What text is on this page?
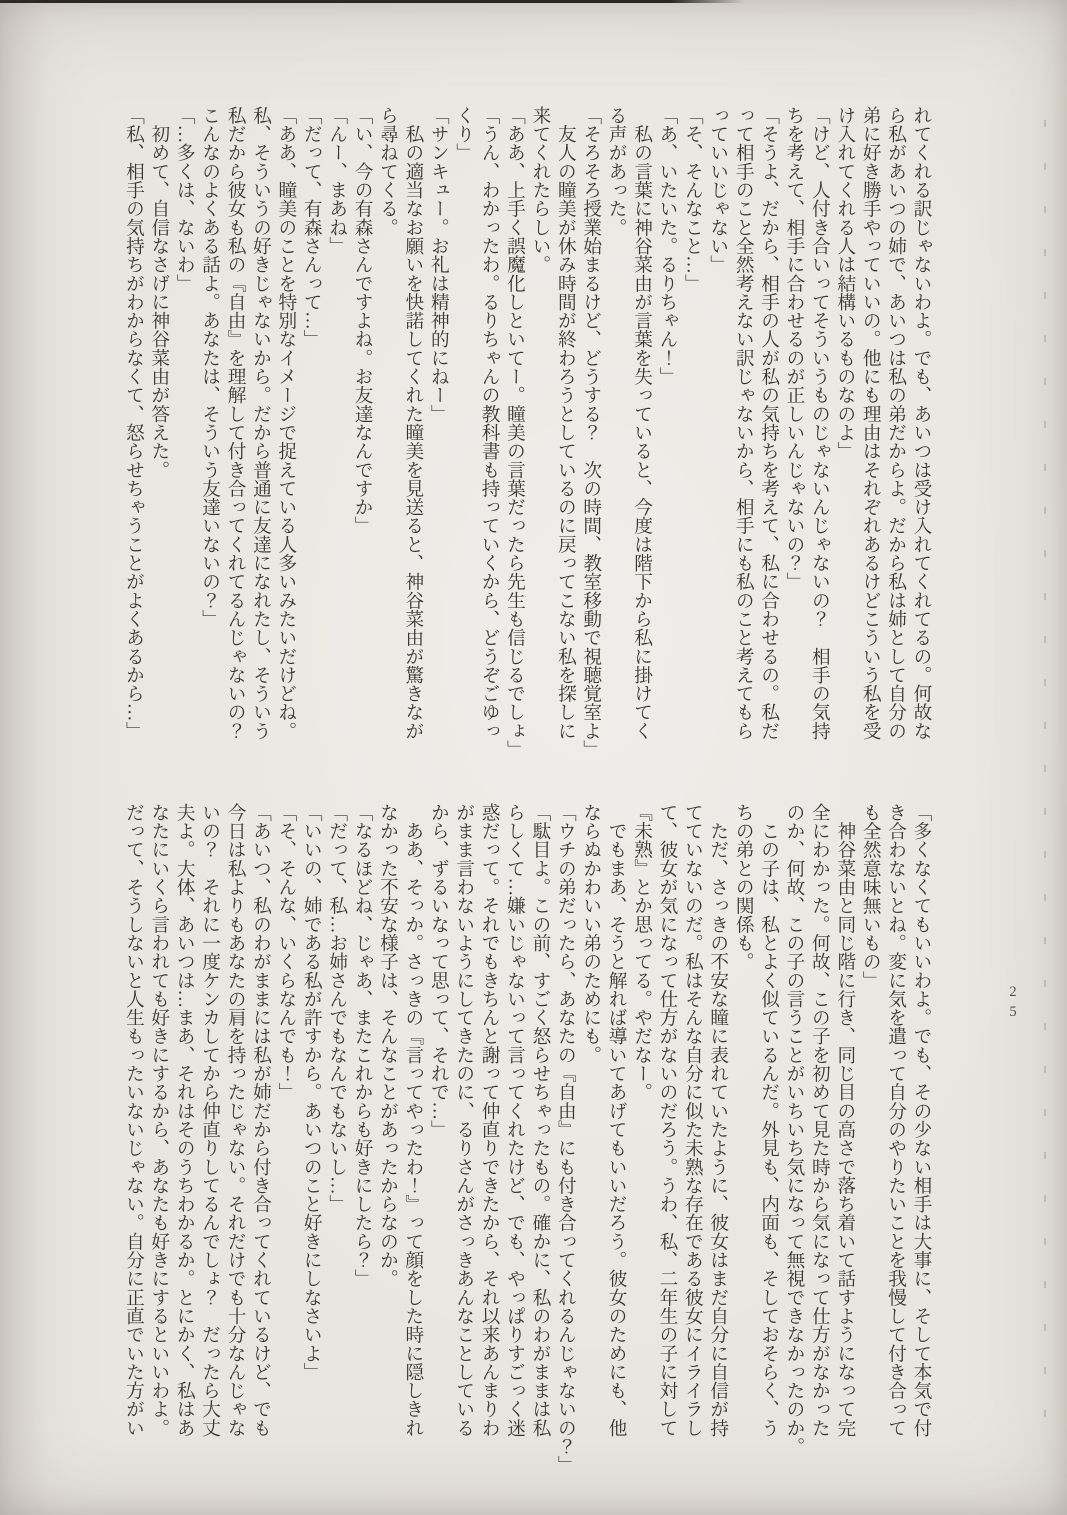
れてくれる訳じゃないわよ。でも、あいつは受け入れてくれてるの。何故な
ら私があいつの姉で、あいつは私の弟だからよ。だから私は姉として自分の
弟に好き勝手やっていいの。他にも理由はそれぞれあるけどこういう私を受
け入れてくれる人は結構いるものなのよ」
「けど、人付き合いってそういうものじゃないんじゃないの？　相手の気持
ちを考えて、相手に合わせるのが正しいんじゃないの？」
「そうよ、だから、相手の人が私の気持ちを考えて、私に合わせるの。私だ
って相手のこと全然考えない訳じゃないから、相手にも私のこと考えてもら
っていいじゃない」
「そ、そんなこと…」
「あ、いたいた。るりちゃん！」
　私の言葉に神谷菜由が言葉を失っていると、今度は階下から私に掛けてく
る声があった。
「そろそろ授業始まるけど、どうする？　次の時間、教室移動で視聴覚室よ」
　友人の瞳美が休み時間が終わろうとしているのに戻ってこない私を探しに
来てくれたらしい。
「ああ、上手く誤魔化しといてー。瞳美の言葉だったら先生も信じるでしょ」
「うん、わかったわ。るりちゃんの教科書も持っていくから、どうぞごゆっ
くり」
「サンキュー。お礼は精神的にねー」
　私の適当なお願いを快諾してくれた瞳美を見送ると、神谷菜由が驚きなが
ら尋ねてくる。
「い、今の有森さんですよね。お友達なんですか」
「んー、まあね」
「だって、有森さんって…」
「ああ、瞳美のことを特別なイメージで捉えている人多いみたいだけどね。
私、そういうの好きじゃないから。だから普通に友達になれたし、そういう
私だから彼女も私の『自由』を理解して付き合ってくれてるんじゃないの？
こんなのよくある話よ。あなたは、そういう友達いないの？」
「…多くは、ないわ」
　初めて、自信なさげに神谷菜由が答えた。
「私、相手の気持ちがわからなくて、怒らせちゃうことがよくあるから…」
「多くなくてもいいわよ。でも、その少ない相手は大事に、そして本気で付
き合わないとね。変に気を遣って自分のやりたいことを我慢して付き合って
も全然意味無いもの」
　神谷菜由と同じ階に行き、同じ目の高さで落ち着いて話すようになって完
全にわかった。何故、この子を初めて見た時から気になって仕方がなかった
のか、何故、この子の言うことがいちいち気になって無視できなかったのか。
　この子は、私とよく似ているんだ。外見も、内面も、そしておそらく、う
ちの弟との関係も。
　ただ、さっきの不安な瞳に表れていたように、彼女はまだ自分に自信が持
てていないのだ。私はそんな自分に似た未熟な存在である彼女にイライラし
て、彼女が気になって仕方がないのだろう。うわ、私、二年生の子に対して
『未熟』とか思ってる。やだなー。
　でもまあ、そうと解れば導いてあげてもいいだろう。彼女のためにも、他
ならぬかわいい弟のためにも。
「ウチの弟だったら、あなたの『自由』にも付き合ってくれるんじゃないの？」
「駄目よ。この前、すごく怒らせちゃったもの。確かに、私のわがままは私
らしくて…嫌いじゃないって言ってくれたけど、でも、やっぱりすごっく迷
惑だって。それでもきちんと謝って仲直りできたから、それ以来あんまりわ
がまま言わないようにしてきたのに、るりさんがさっきあんなことしている
から、ずるいなって思って、それで…」
　ああ、そっか。さっきの『言ってやったわ！』って顔をした時に隠しきれ
なかった不安な様子は、そんなことがあったからなのか。
「なるほどね、じゃあ、またこれからも好きにしたら？」
「だって、私…お姉さんでもなんでもないし…」
「いいの、姉である私が許すから。あいつのこと好きにしなさいよ」
「そ、そんな、いくらなんでも！」
「あいつ、私のわがままには私が姉だから付き合ってくれているけど、でも
今日は私よりもあなたの肩を持ったじゃない。それだけでも十分なんじゃな
いの？　それに一度ケンカしてから仲直りしてるんでしょ？　だったら大丈
夫よ。大体、あいつは…まあ、それはそのうちわかるか。とにかく、私はあ
なたにいくら言われても好きにするから、あなたも好きにするといいわよ。
だって、そうしないと人生もったいないじゃない。自分に正直でいた方がい	25
